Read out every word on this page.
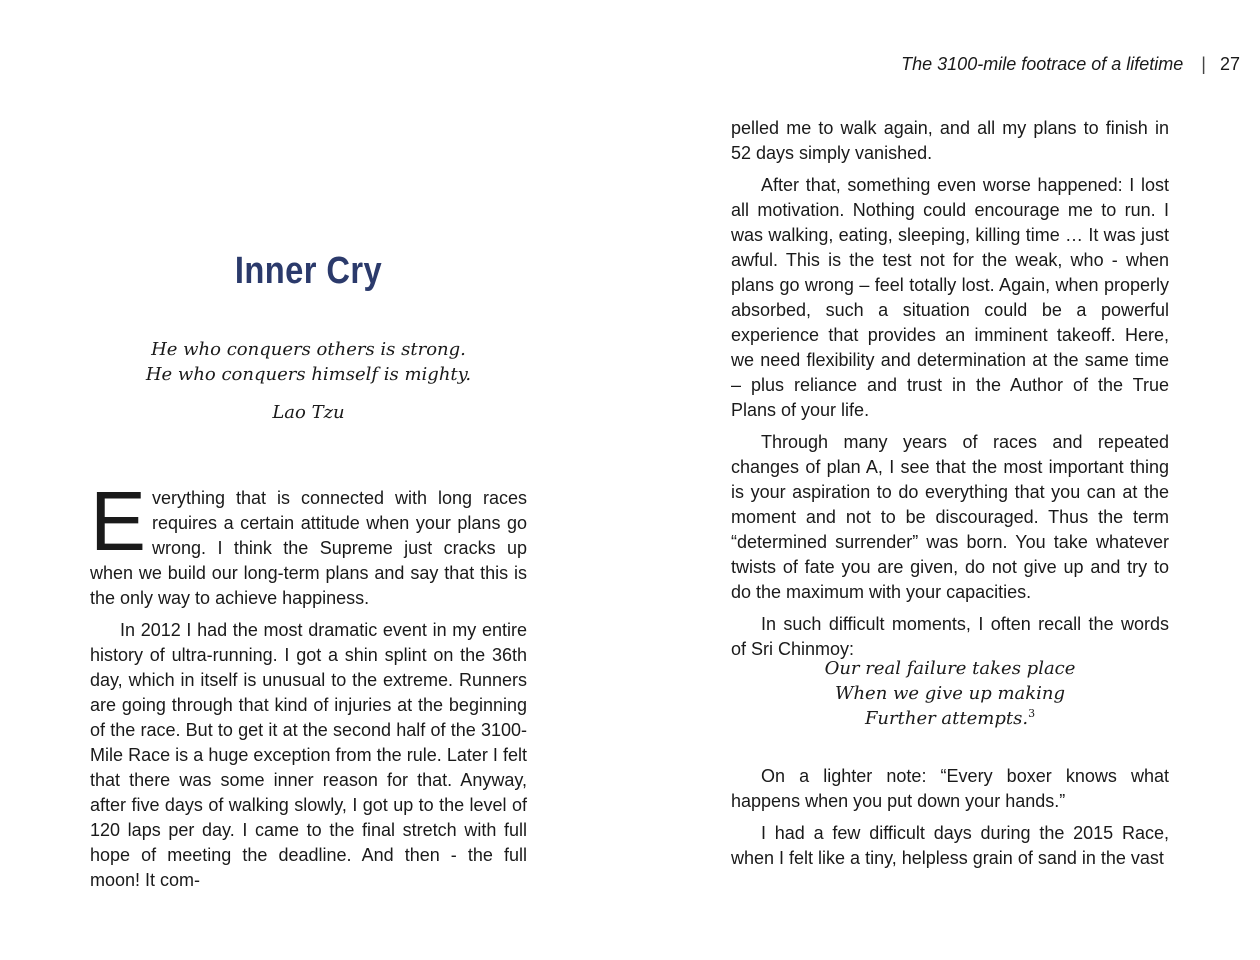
Inner Cry
He who conquers others is strong.
He who conquers himself is mighty.
Lao Tzu

Everything that is connected with long races requires a certain attitude when your plans go wrong. I think the Supreme just cracks up when we build our long-term plans and say that this is the only way to achieve happiness.

In 2012 I had the most dramatic event in my entire history of ultra-running. I got a shin splint on the 36th day, which in itself is unusual to the extreme. Runners are going through that kind of injuries at the beginning of the race. But to get it at the second half of the 3100-Mile Race is a huge exception from the rule. Later I felt that there was some inner reason for that. Anyway, after five days of walking slowly, I got up to the level of 120 laps per day. I came to the final stretch with full hope of meeting the deadline. And then - the full moon! It com-

The 3100-mile footrace of a lifetime | 27

pelled me to walk again, and all my plans to finish in 52 days simply vanished.

After that, something even worse happened: I lost all motivation. Nothing could encourage me to run. I was walking, eating, sleeping, killing time … It was just awful. This is the test not for the weak, who - when plans go wrong – feel totally lost. Again, when properly absorbed, such a situation could be a powerful experience that provides an imminent takeoff. Here, we need flexibility and determination at the same time – plus reliance and trust in the Author of the True Plans of your life.

Through many years of races and repeated changes of plan A, I see that the most important thing is your aspiration to do everything that you can at the moment and not to be discouraged. Thus the term “determined surrender” was born. You take whatever twists of fate you are given, do not give up and try to do the maximum with your capacities.

In such difficult moments, I often recall the words of Sri Chinmoy:

Our real failure takes place
When we give up making
Further attempts.$^3$

On a lighter note: “Every boxer knows what happens when you put down your hands.”

I had a few difficult days during the 2015 Race, when I felt like a tiny, helpless grain of sand in the vast
